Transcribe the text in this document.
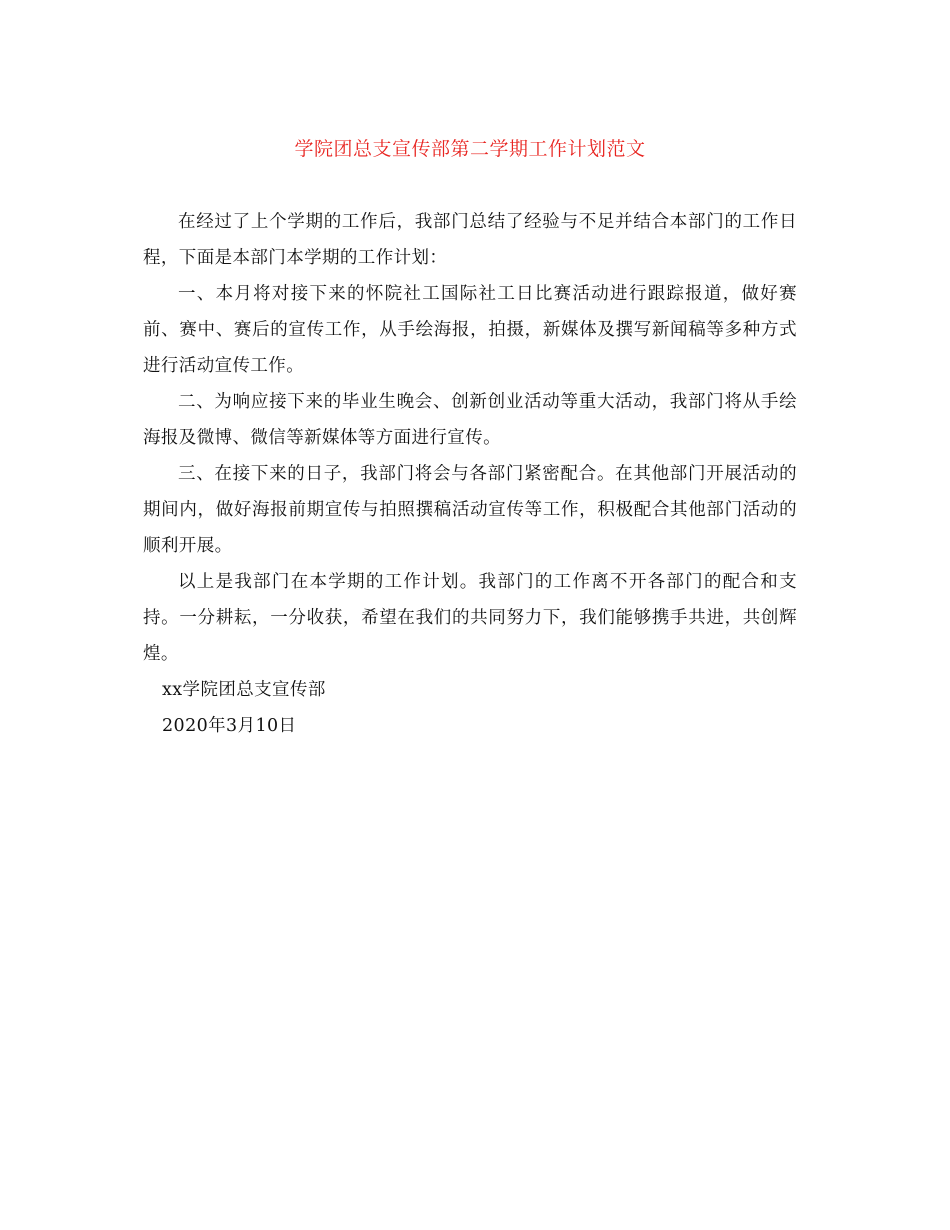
学院团总支宣传部第二学期工作计划范文

在经过了上个学期的工作后，我部门总结了经验与不足并结合本部门的工作日程，下面是本部门本学期的工作计划：

一、本月将对接下来的怀院社工国际社工日比赛活动进行跟踪报道，做好赛前、赛中、赛后的宣传工作，从手绘海报，拍摄，新媒体及撰写新闻稿等多种方式进行活动宣传工作。

二、为响应接下来的毕业生晚会、创新创业活动等重大活动，我部门将从手绘海报及微博、微信等新媒体等方面进行宣传。

三、在接下来的日子，我部门将会与各部门紧密配合。在其他部门开展活动的期间内，做好海报前期宣传与拍照撰稿活动宣传等工作，积极配合其他部门活动的顺利开展。

以上是我部门在本学期的工作计划。我部门的工作离不开各部门的配合和支持。一分耕耘，一分收获，希望在我们的共同努力下，我们能够携手共进，共创辉煌。

xx学院团总支宣传部

2020年3月10日
